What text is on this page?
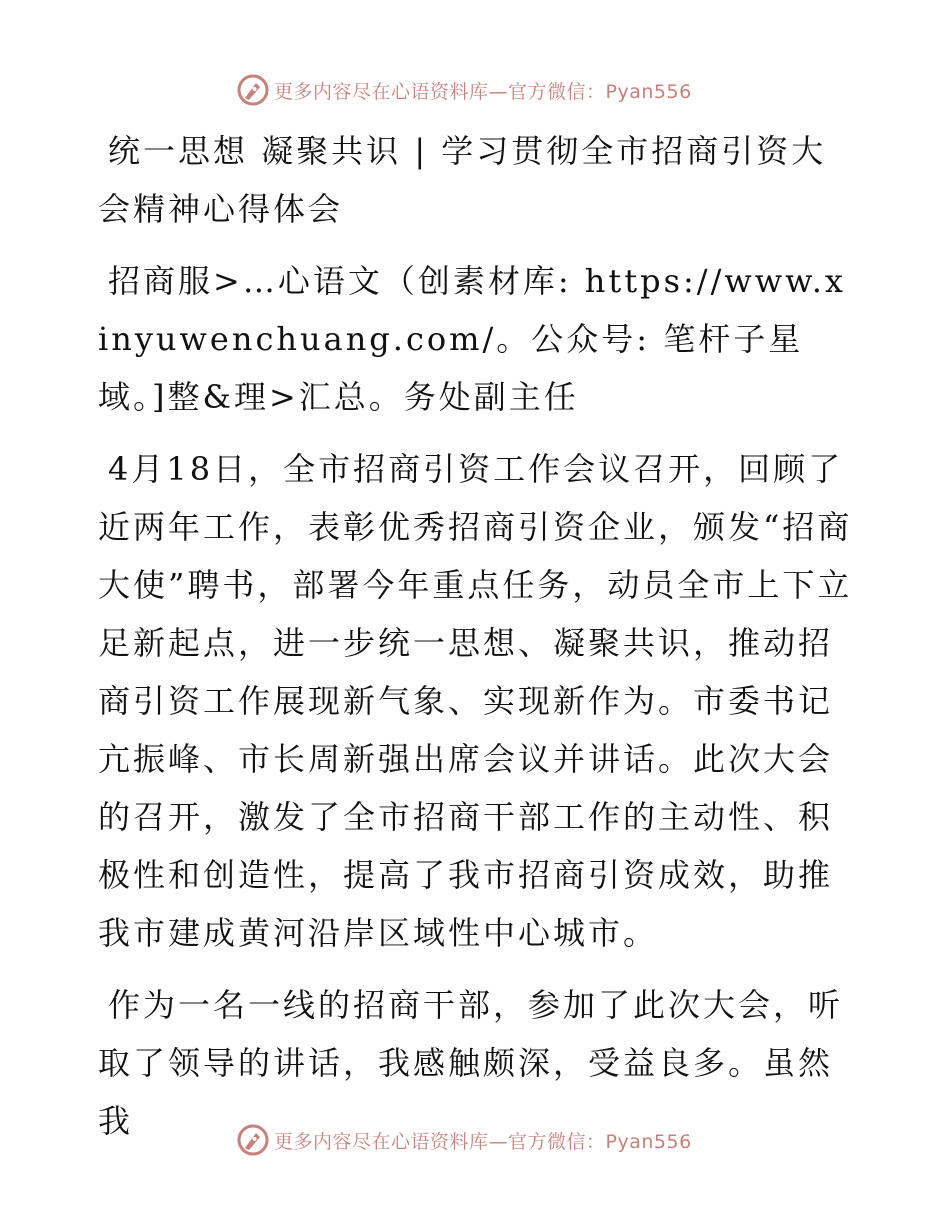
更多内容尽在心语资料库—官方微信：Pyan556
统一思想 凝聚共识 | 学习贯彻全市招商引资大会精神心得体会
招商服>…心语文（创素材库: https://www.xinyuwenchuang.com/。公众号: 笔杆子星域。]整&理>汇总。务处副主任
4月18日，全市招商引资工作会议召开，回顾了近两年工作，表彰优秀招商引资企业，颁发“招商大使”聘书，部署今年重点任务，动员全市上下立足新起点，进一步统一思想、凝聚共识，推动招商引资工作展现新气象、实现新作为。市委书记亢振峰、市长周新强出席会议并讲话。此次大会的召开，激发了全市招商干部工作的主动性、积极性和创造性，提高了我市招商引资成效，助推我市建成黄河沿岸区域性中心城市。
作为一名一线的招商干部，参加了此次大会，听取了领导的讲话，我感触颇深，受益良多。虽然我
更多内容尽在心语资料库—官方微信：Pyan556
